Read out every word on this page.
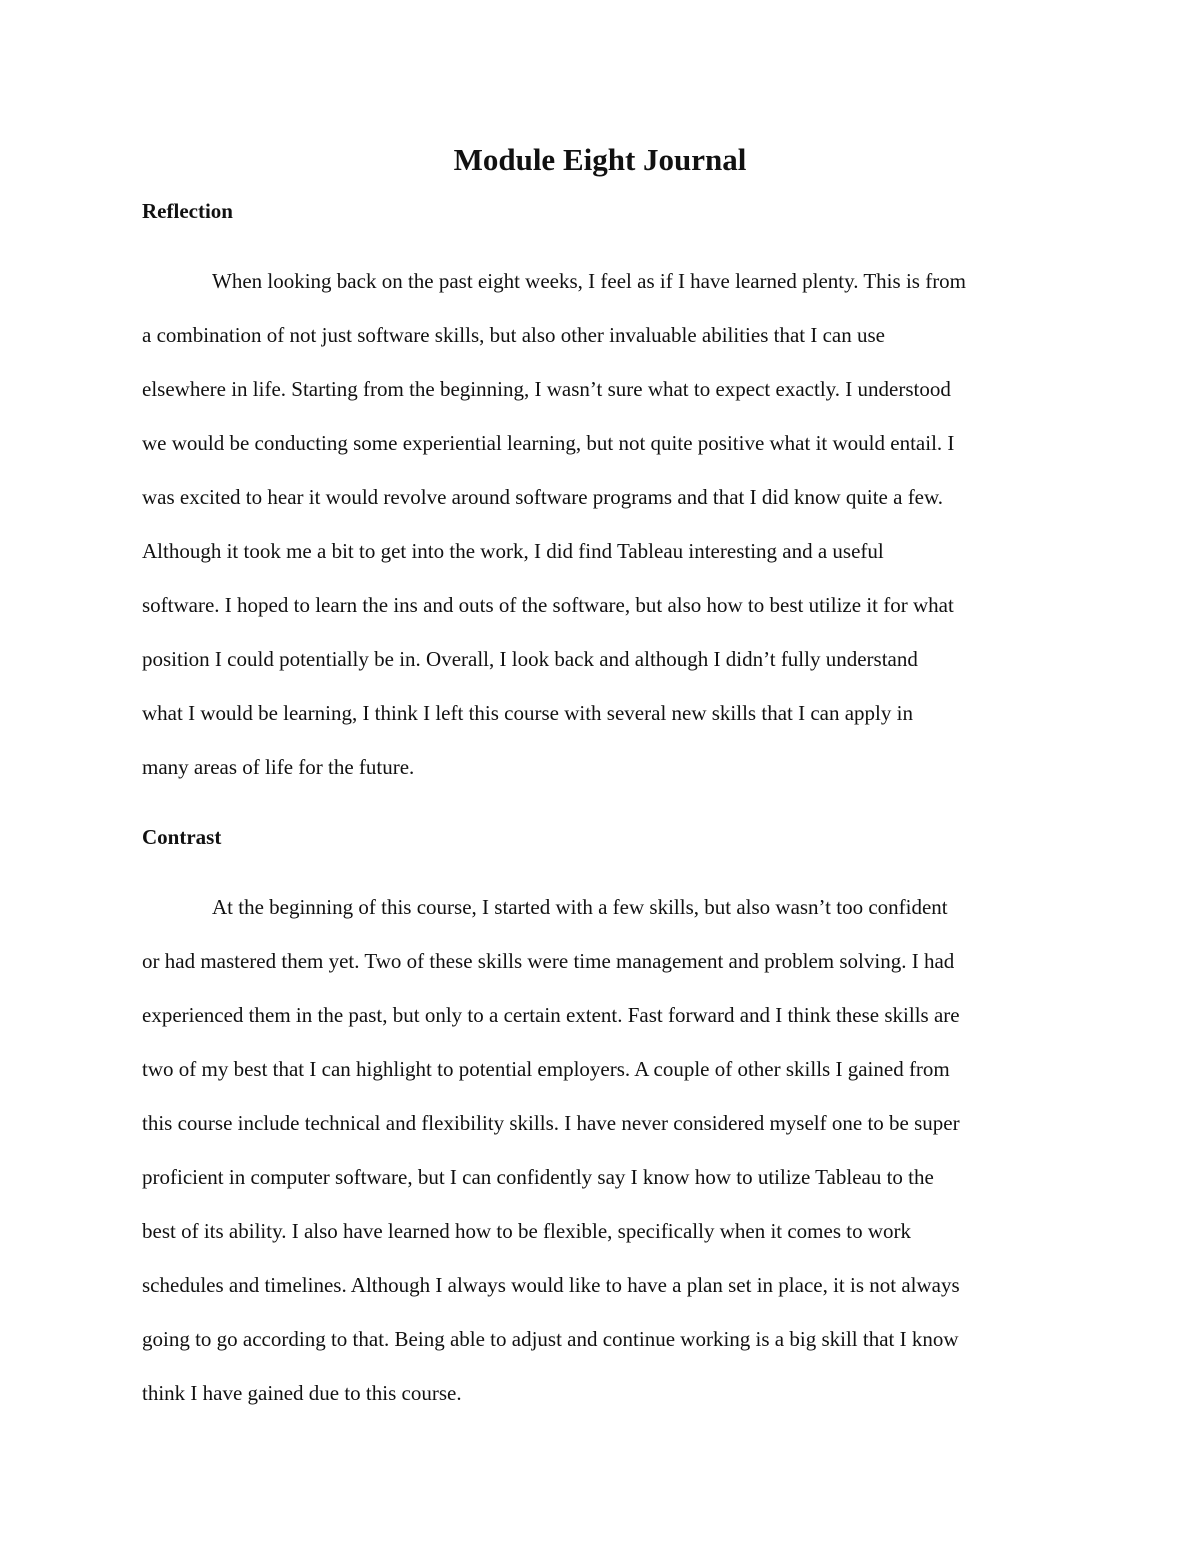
Module Eight Journal
Reflection
When looking back on the past eight weeks, I feel as if I have learned plenty. This is from
a combination of not just software skills, but also other invaluable abilities that I can use
elsewhere in life. Starting from the beginning, I wasn’t sure what to expect exactly. I understood
we would be conducting some experiential learning, but not quite positive what it would entail. I
was excited to hear it would revolve around software programs and that I did know quite a few.
Although it took me a bit to get into the work, I did find Tableau interesting and a useful
software. I hoped to learn the ins and outs of the software, but also how to best utilize it for what
position I could potentially be in. Overall, I look back and although I didn’t fully understand
what I would be learning, I think I left this course with several new skills that I can apply in
many areas of life for the future.
Contrast
At the beginning of this course, I started with a few skills, but also wasn’t too confident
or had mastered them yet. Two of these skills were time management and problem solving. I had
experienced them in the past, but only to a certain extent. Fast forward and I think these skills are
two of my best that I can highlight to potential employers. A couple of other skills I gained from
this course include technical and flexibility skills. I have never considered myself one to be super
proficient in computer software, but I can confidently say I know how to utilize Tableau to the
best of its ability. I also have learned how to be flexible, specifically when it comes to work
schedules and timelines. Although I always would like to have a plan set in place, it is not always
going to go according to that. Being able to adjust and continue working is a big skill that I know
think I have gained due to this course.
